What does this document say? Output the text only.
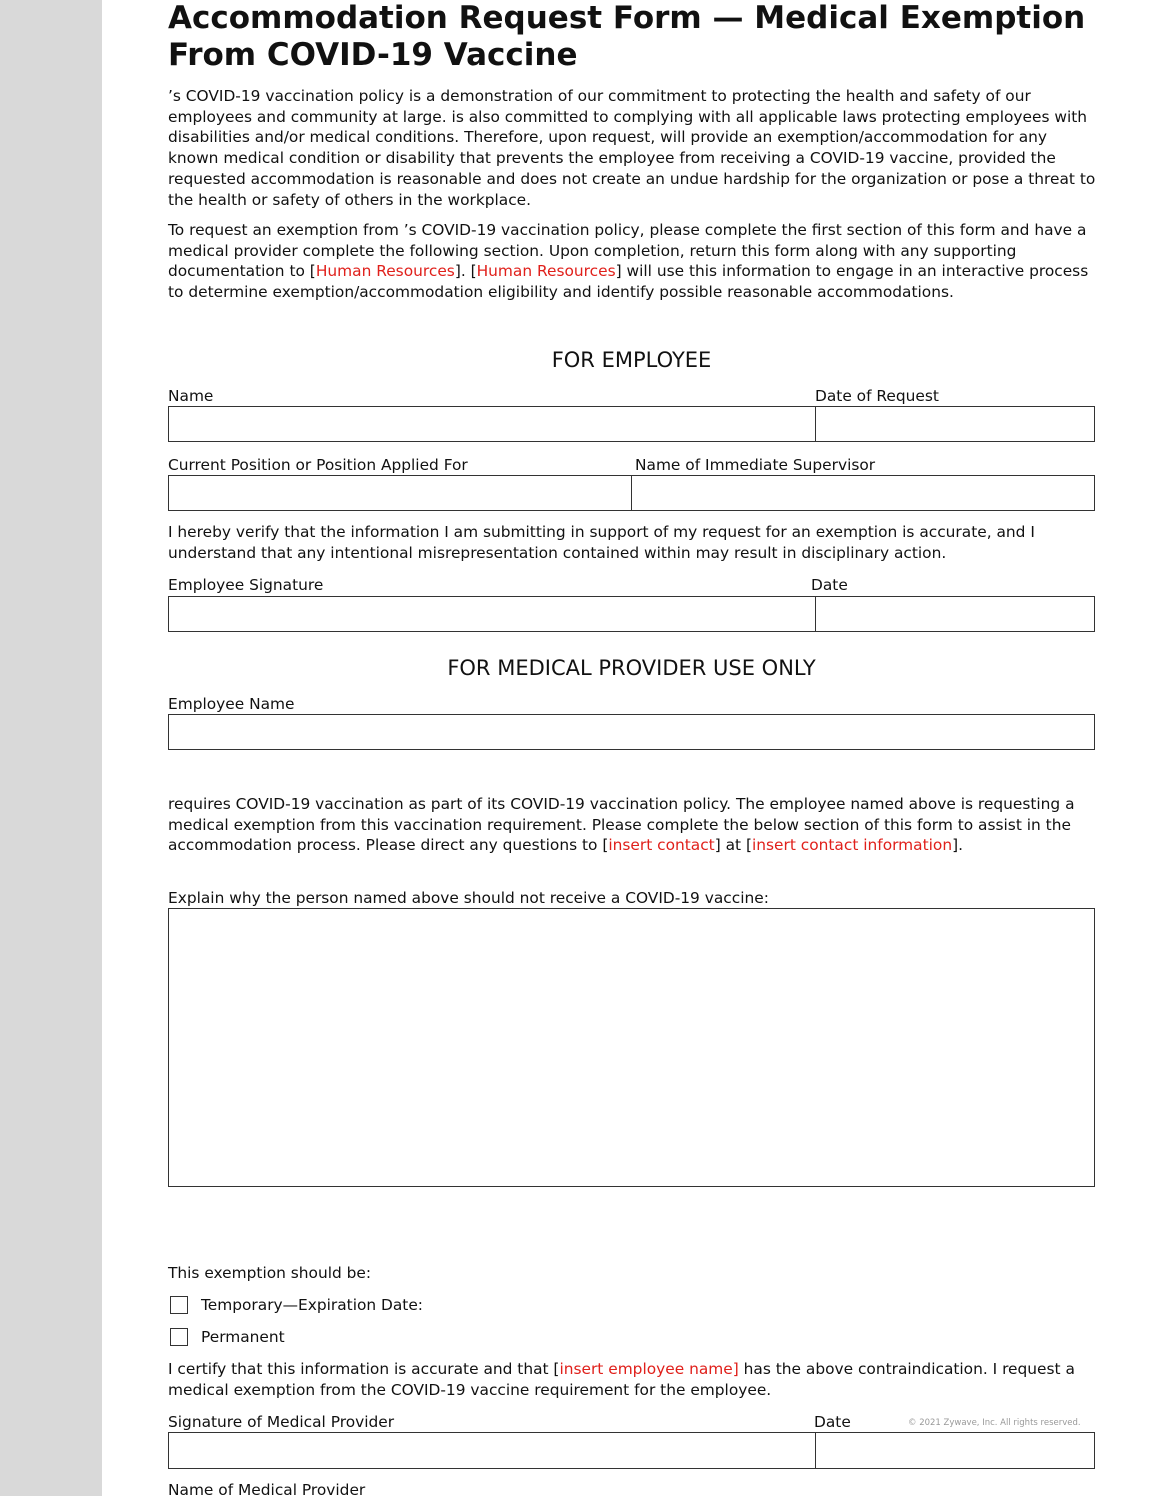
Accommodation Request Form — Medical Exemption From COVID-19 Vaccine

’s COVID-19 vaccination policy is a demonstration of our commitment to protecting the health and safety of our employees and community at large. is also committed to complying with all applicable laws protecting employees with disabilities and/or medical conditions. Therefore, upon request, will provide an exemption/accommodation for any known medical condition or disability that prevents the employee from receiving a COVID-19 vaccine, provided the requested accommodation is reasonable and does not create an undue hardship for the organization or pose a threat to the health or safety of others in the workplace.

To request an exemption from ’s COVID-19 vaccination policy, please complete the first section of this form and have a medical provider complete the following section. Upon completion, return this form along with any supporting documentation to [Human Resources]. [Human Resources] will use this information to engage in an interactive process to determine exemption/accommodation eligibility and identify possible reasonable accommodations.

FOR EMPLOYEE
Name	Date of Request
Current Position or Position Applied For	Name of Immediate Supervisor

I hereby verify that the information I am submitting in support of my request for an exemption is accurate, and I understand that any intentional misrepresentation contained within may result in disciplinary action.

Employee Signature	Date
FOR MEDICAL PROVIDER USE ONLY
Employee Name

requires COVID-19 vaccination as part of its COVID-19 vaccination policy. The employee named above is requesting a medical exemption from this vaccination requirement. Please complete the below section of this form to assist in the accommodation process. Please direct any questions to [insert contact] at [insert contact information].

Explain why the person named above should not receive a COVID-19 vaccine:
This exemption should be:
Temporary—Expiration Date:
Permanent

I certify that this information is accurate and that [insert employee name] has the above contraindication. I request a medical exemption from the COVID-19 vaccine requirement for the employee.

Signature of Medical Provider	Date	© 2021 Zywave, Inc. All rights reserved.
Name of Medical Provider
